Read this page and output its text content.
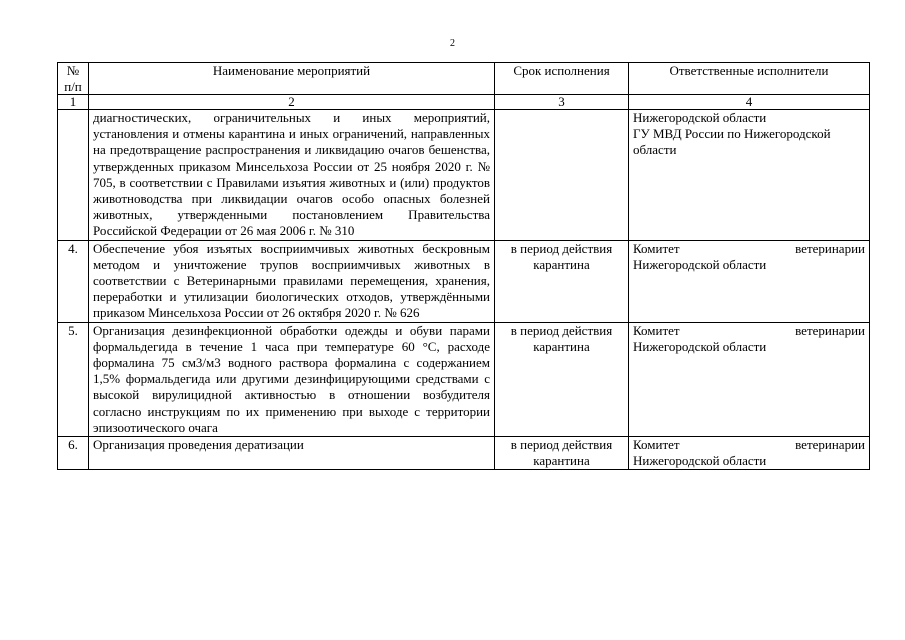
2
№ п/п	Наименование мероприятий	Срок исполнения	Ответственные исполнители
1	2	3	4
	диагностических, ограничительных и иных мероприятий, установления и отмены карантина и иных ограничений, направленных на предотвращение распространения и ликвидацию очагов бешенства, утвержденных приказом Минсельхоза России от 25 ноября 2020 г. № 705, в соответствии с Правилами изъятия животных и (или) продуктов животноводства при ликвидации очагов особо опасных болезней животных, утвержденными постановлением Правительства Российской Федерации от 26 мая 2006 г. № 310		Нижегородской области
ГУ МВД России по Нижегородской области

4.	Обеспечение убоя изъятых восприимчивых животных бескровным методом и уничтожение трупов восприимчивых животных в соответствии с Ветеринарными правилами перемещения, хранения, переработки и утилизации биологических отходов, утверждёнными приказом Минсельхоза России от 26 октября 2020 г. № 626	в период действия карантина	Комитет ветеринарии
Нижегородской области

5.	Организация дезинфекционной обработки одежды и обуви парами формальдегида в течение 1 часа при температуре 60 °С, расходе формалина 75 см3/м3 водного раствора формалина с содержанием 1,5% формальдегида или другими дезинфицирующими средствами с высокой вирулицидной активностью в отношении возбудителя согласно инструкциям по их применению при выходе с территории эпизоотического очага	в период действия карантина	Комитет ветеринарии
Нижегородской области

6.	Организация проведения дератизации	в период действия карантина	Комитет ветеринарии
Нижегородской области
